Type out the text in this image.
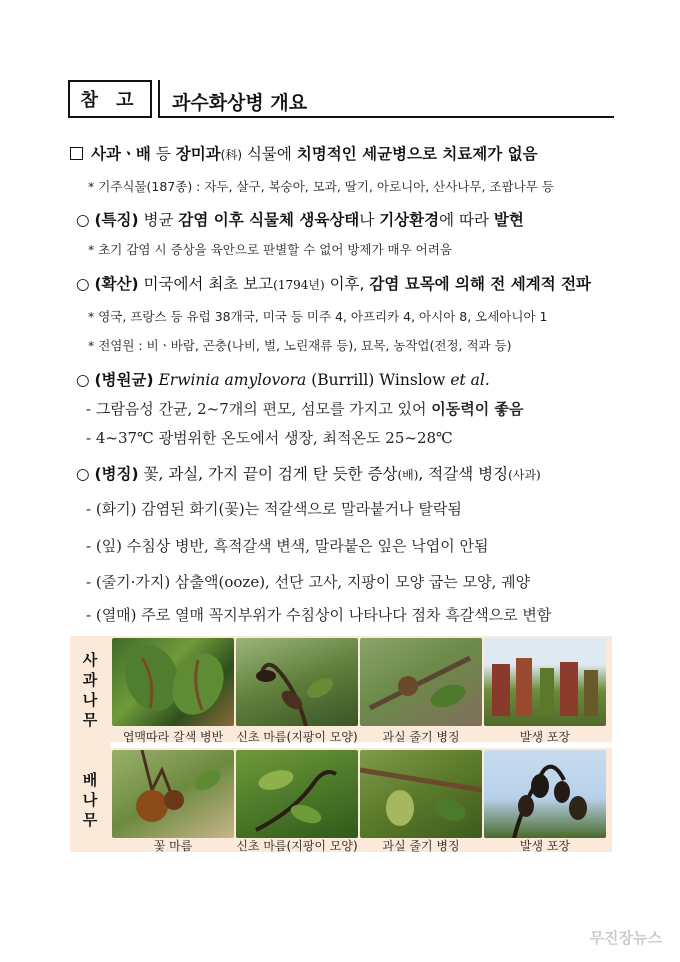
참 고 과수화상병 개요
사과ㆍ배 등 장미과(科) 식물에 치명적인 세균병으로 치료제가 없음
* 기주식물(187종) : 자두, 살구, 복숭아, 모과, 딸기, 아로니아, 산사나무, 조팝나무 등
○ (특징) 병균 감염 이후 식물체 생육상태나 기상환경에 따라 발현
* 초기 감염 시 증상을 육안으로 판별할 수 없어 방제가 매우 어려움
○ (확산) 미국에서 최초 보고(1794년) 이후, 감염 묘목에 의해 전 세계적 전파
* 영국, 프랑스 등 유럽 38개국, 미국 등 미주 4, 아프리카 4, 아시아 8, 오세아니아 1
* 전염원 : 비ㆍ바람, 곤충(나비, 벌, 노린재류 등), 묘목, 농작업(전정, 적과 등)
○ (병원균) Erwinia amylovora (Burrill) Winslow et al.
- 그람음성 간균, 2~7개의 편모, 섬모를 가지고 있어 이동력이 좋음
- 4~37℃ 광범위한 온도에서 생장, 최적온도 25~28℃
○ (병징) 꽃, 과실, 가지 끝이 검게 탄 듯한 증상(배), 적갈색 병징(사과)
- (화기) 감염된 화기(꽃)는 적갈색으로 말라붙거나 탈락됨
- (잎) 수침상 병반, 흑적갈색 변색, 말라붙은 잎은 낙엽이 안됨
- (줄기·가지) 삼출액(ooze), 선단 고사, 지팡이 모양 굽는 모양, 궤양
- (열매) 주로 열매 꼭지부위가 수침상이 나타나다 점차 흑갈색으로 변함
사과나무
배나무
엽맥따라 갈색 병반	신초 마름(지팡이 모양)	과실 줄기 병징	발생 포장
꽃 마름	신초 마름(지팡이 모양)	과실 줄기 병징	발생 포장
무진장뉴스
